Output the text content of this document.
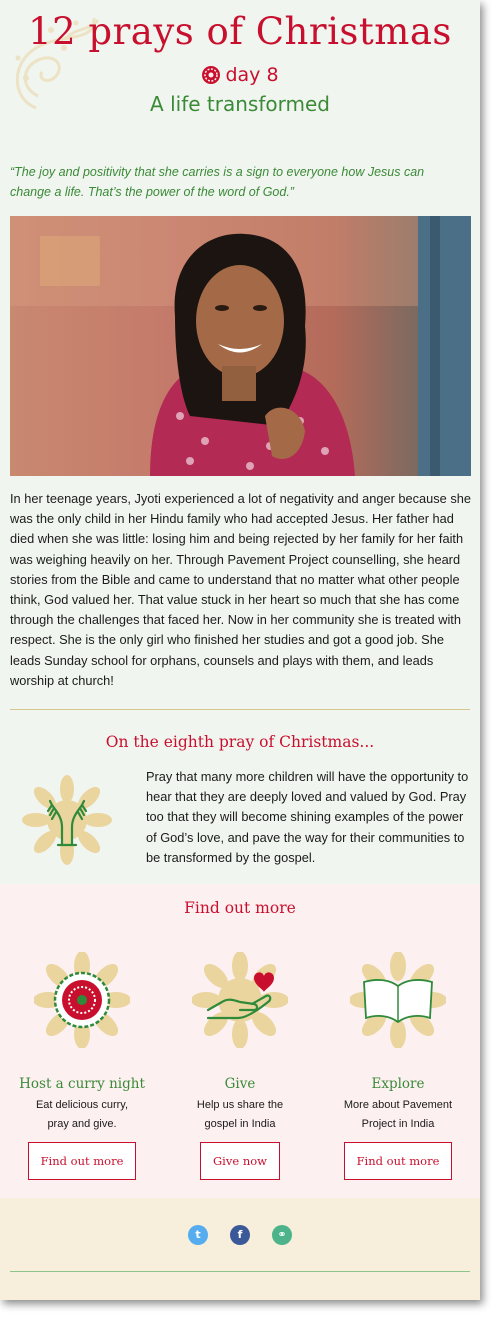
12 prays of Christmas
day 8
A life transformed
“The joy and positivity that she carries is a sign to everyone how Jesus can change a life. That’s the power of the word of God.”
In her teenage years, Jyoti experienced a lot of negativity and anger because she was the only child in her Hindu family who had accepted Jesus. Her father had died when she was little: losing him and being rejected by her family for her faith was weighing heavily on her. Through Pavement Project counselling, she heard stories from the Bible and came to understand that no matter what other people think, God valued her. That value stuck in her heart so much that she has come through the challenges that faced her. Now in her community she is treated with respect. She is the only girl who finished her studies and got a good job. She leads Sunday school for orphans, counsels and plays with them, and leads worship at church!
On the eighth pray of Christmas...
Pray that many more children will have the opportunity to hear that they are deeply loved and valued by God. Pray too that they will become shining examples of the power of God’s love, and pave the way for their communities to be transformed by the gospel.
Find out more
Host a curry night
Eat delicious curry,
pray and give.
Find out more
Give
Help us share the
gospel in India
Give now
Explore
More about Pavement
Project in India
Find out more
t	f	⚭
